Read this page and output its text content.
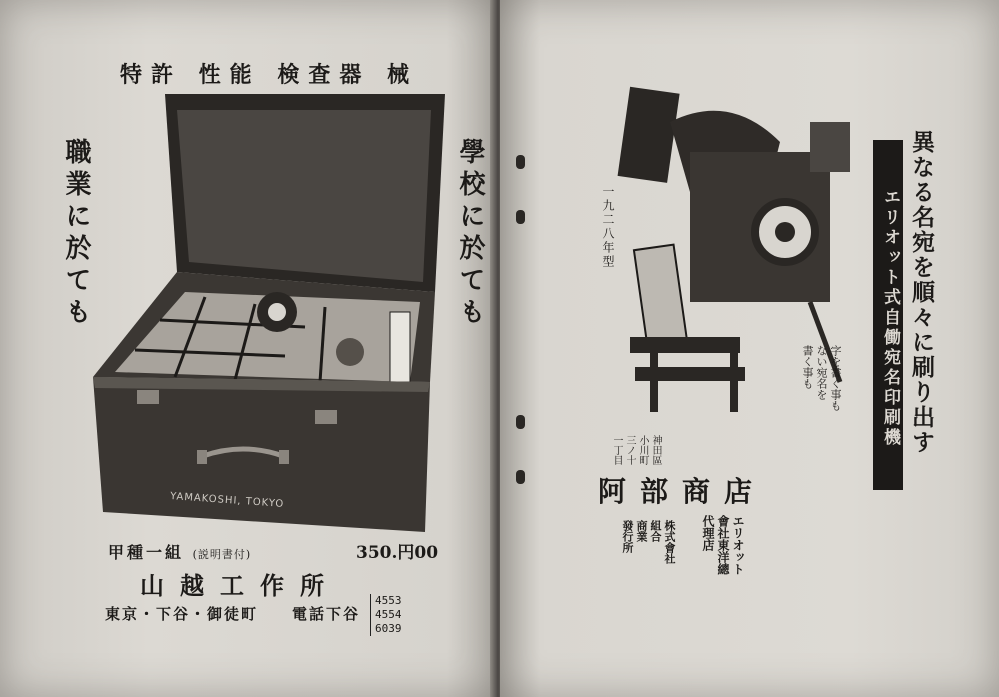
職業に於ても	學校に於ても
特許 性能 検査器 械
YAMAKOSHI, TOKYO
甲種一組 (説明書付)	350.円00
山越工作所
東京・下谷・御徒町 電話下谷
4553
4554
6039
異なる名宛を順々に刷り出す
エリオット式自働宛名印刷機
一九二八年型
字を書く事も
ない宛名を
書く事も
神田區
小川町
三ノ十
一丁目
阿部商店
エリオット
會社東洋總
代理店
株式會社
組合
商業
發行所
